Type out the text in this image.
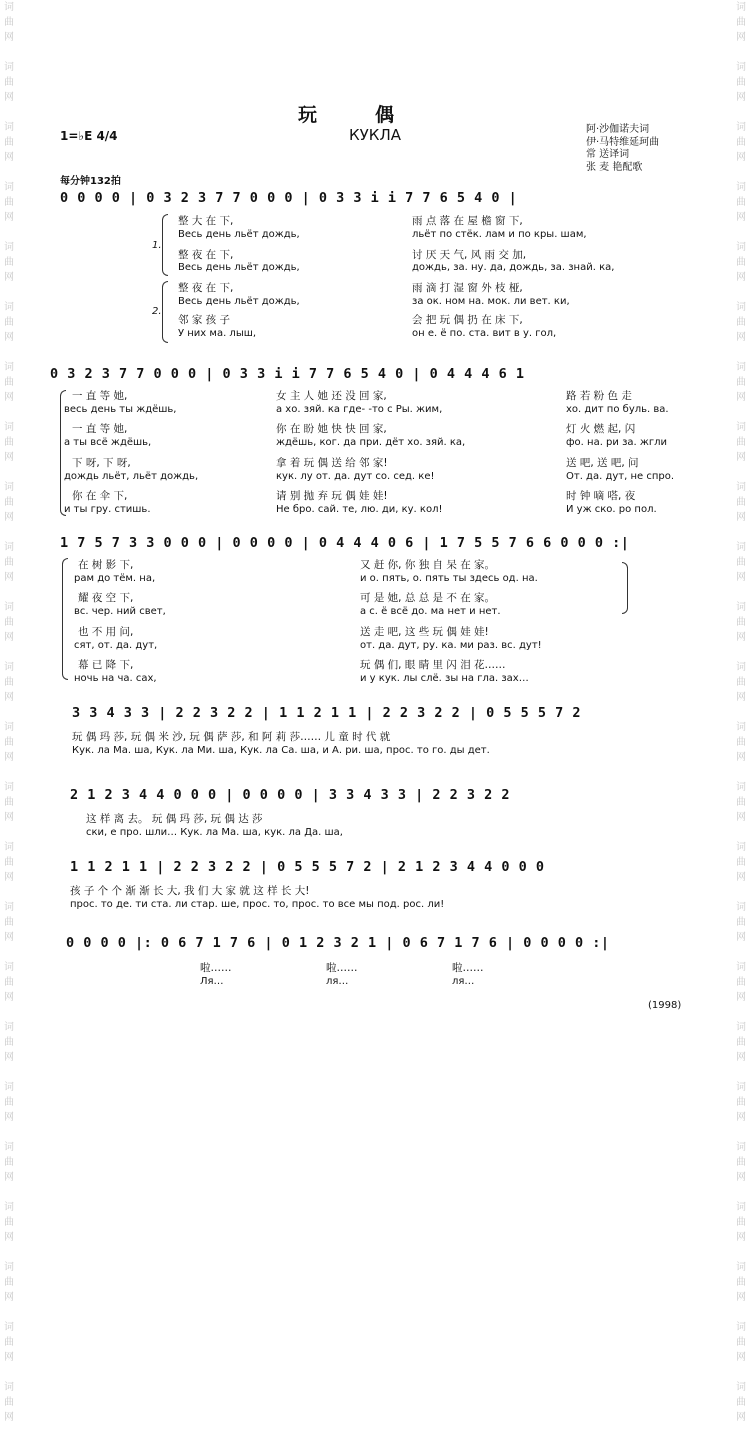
词
曲
网

词
曲
网

词
曲
网

词
曲
网

词
曲
网

词
曲
网

词
曲
网

词
曲
网

词
曲
网

词
曲
网

词
曲
网

词
曲
网

词
曲
网

词
曲
网

词
曲
网

词
曲
网

词
曲
网

词
曲
网

词
曲
网

词
曲
网

词
曲
网

词
曲
网

词
曲
网

词
曲
网

词
曲
网

词
曲
网

词
曲
网

词
曲
网

词
曲
网

词
曲
网

词
曲
网

词
曲
网

词
曲
网

词
曲
网

词
曲
网

词
曲
网

词
曲
网

词
曲
网

词
曲
网

词
曲
网

词
曲
网

词
曲
网

词
曲
网

词
曲
网

词
曲
网

词
曲
网

词
曲
网

词
曲
网

玩偶
КУКЛА
1=♭E 4/4
每分钟132拍
阿·沙伽诺夫词
伊·马特维延珂曲
常 送译词
张 麦 艳配歌
0 0 0 0 | 0 3 2 3 7 7 0 0 0 | 0 3 3 i i 7 7 6 5 4 0 |
1.
整 大 在 下,	雨 点 落 在 屋 檐 窗 下,
Весь день льёт дождь,	льёт по стёк. лам и по кры. шам,
整 夜 在 下,	讨 厌 天 气, 风 雨 交 加,
Весь день льёт дождь,	дождь, за. ну. да, дождь, за. знай. ка,
2.
整 夜 在 下,	雨 滴 打 湿 窗 外 枝 桠,
Весь день льёт дождь,	за ок. ном на. мок. ли вет. ки,
邻 家 孩 子	会 把 玩 偶 扔 在 床 下,
У них ма. лыш,	он е. ё по. ста. вит в у. гол,
0 3 2 3 7 7 0 0 0 | 0 3 3 i i 7 7 6 5 4 0 | 0 4 4 4 6 1
一 直 等 她,	女 主 人 她 还 没 回 家,	路 若 粉 色 走
весь день ты ждёшь,	а хо. зяй. ка где- -то с Ры. жим,	хо. дит по буль. ва.
一 直 等 她,	你 在 盼 她 快 快 回 家,	灯 火 燃 起, 闪
а ты всё ждёшь,	ждёшь, ког. да при. дёт хо. зяй. ка,	фо. на. ри за. жгли
下 呀, 下 呀,	拿 着 玩 偶 送 给 邻 家!	送 吧, 送 吧, 问
дождь льёт, льёт дождь,	кук. лу от. да. дут со. сед. ке!	От. да. дут, не спро.
你 在 伞 下,	请 别 抛 弃 玩 偶 娃 娃!	时 钟 嘀 嗒, 夜
и ты гру. стишь.	Не бро. сай. те, лю. ди, ку. кол!	И уж ско. ро пол.
1 7 5 7 3 3 0 0 0 | 0 0 0 0 | 0 4 4 4 0 6 | 1 7 5 5 7 6 6 0 0 0 :|
在 树 影 下,	又 赶 你, 你 独 自 呆 在 家。
рам до тём. на,	и о. пять, о. пять ты здесь од. на.
耀 夜 空 下,	可 是 她, 总 总 是 不 在 家。
вс. чер. ний свет,	а с. ё всё до. ма нет и нет.
也 不 用 问,	送 走 吧, 这 些 玩 偶 娃 娃!
сят, от. да. дут,	от. да. дут, ру. ка. ми раз. вс. дут!
幕 已 降 下,	玩 偶 们, 眼 睛 里 闪 泪 花……
ночь на ча. сах,	и у кук. лы слё. зы на гла. зах…
3 3 4 3 3 | 2 2 3 2 2 | 1 1 2 1 1 | 2 2 3 2 2 | 0 5 5 5 7 2
玩 偶 玛 莎, 玩 偶 米 沙, 玩 偶 萨 莎, 和 阿 莉 莎…… 儿 童 时 代 就
Кук. ла Ма. ша, Кук. ла Ми. ша, Кук. ла Са. ша, и А. ри. ша, прос. то го. ды дет.
2 1 2 3 4 4 0 0 0 | 0 0 0 0 | 3 3 4 3 3 | 2 2 3 2 2
这 样 离 去。 玩 偶 玛 莎, 玩 偶 达 莎
ски, е про. шли… Кук. ла Ма. ша, кук. ла Да. ша,
1 1 2 1 1 | 2 2 3 2 2 | 0 5 5 5 7 2 | 2 1 2 3 4 4 0 0 0
孩 子 个 个 渐 渐 长 大, 我 们 大 家 就 这 样 长 大!
прос. то де. ти ста. ли стар. ше, прос. то, прос. то все мы под. рос. ли!
0 0 0 0 |: 0 6 7 1 7 6 | 0 1 2 3 2 1 | 0 6 7 1 7 6 | 0 0 0 0 :|
啦……	啦……	啦……
Ля…	ля…	ля…
(1998)
